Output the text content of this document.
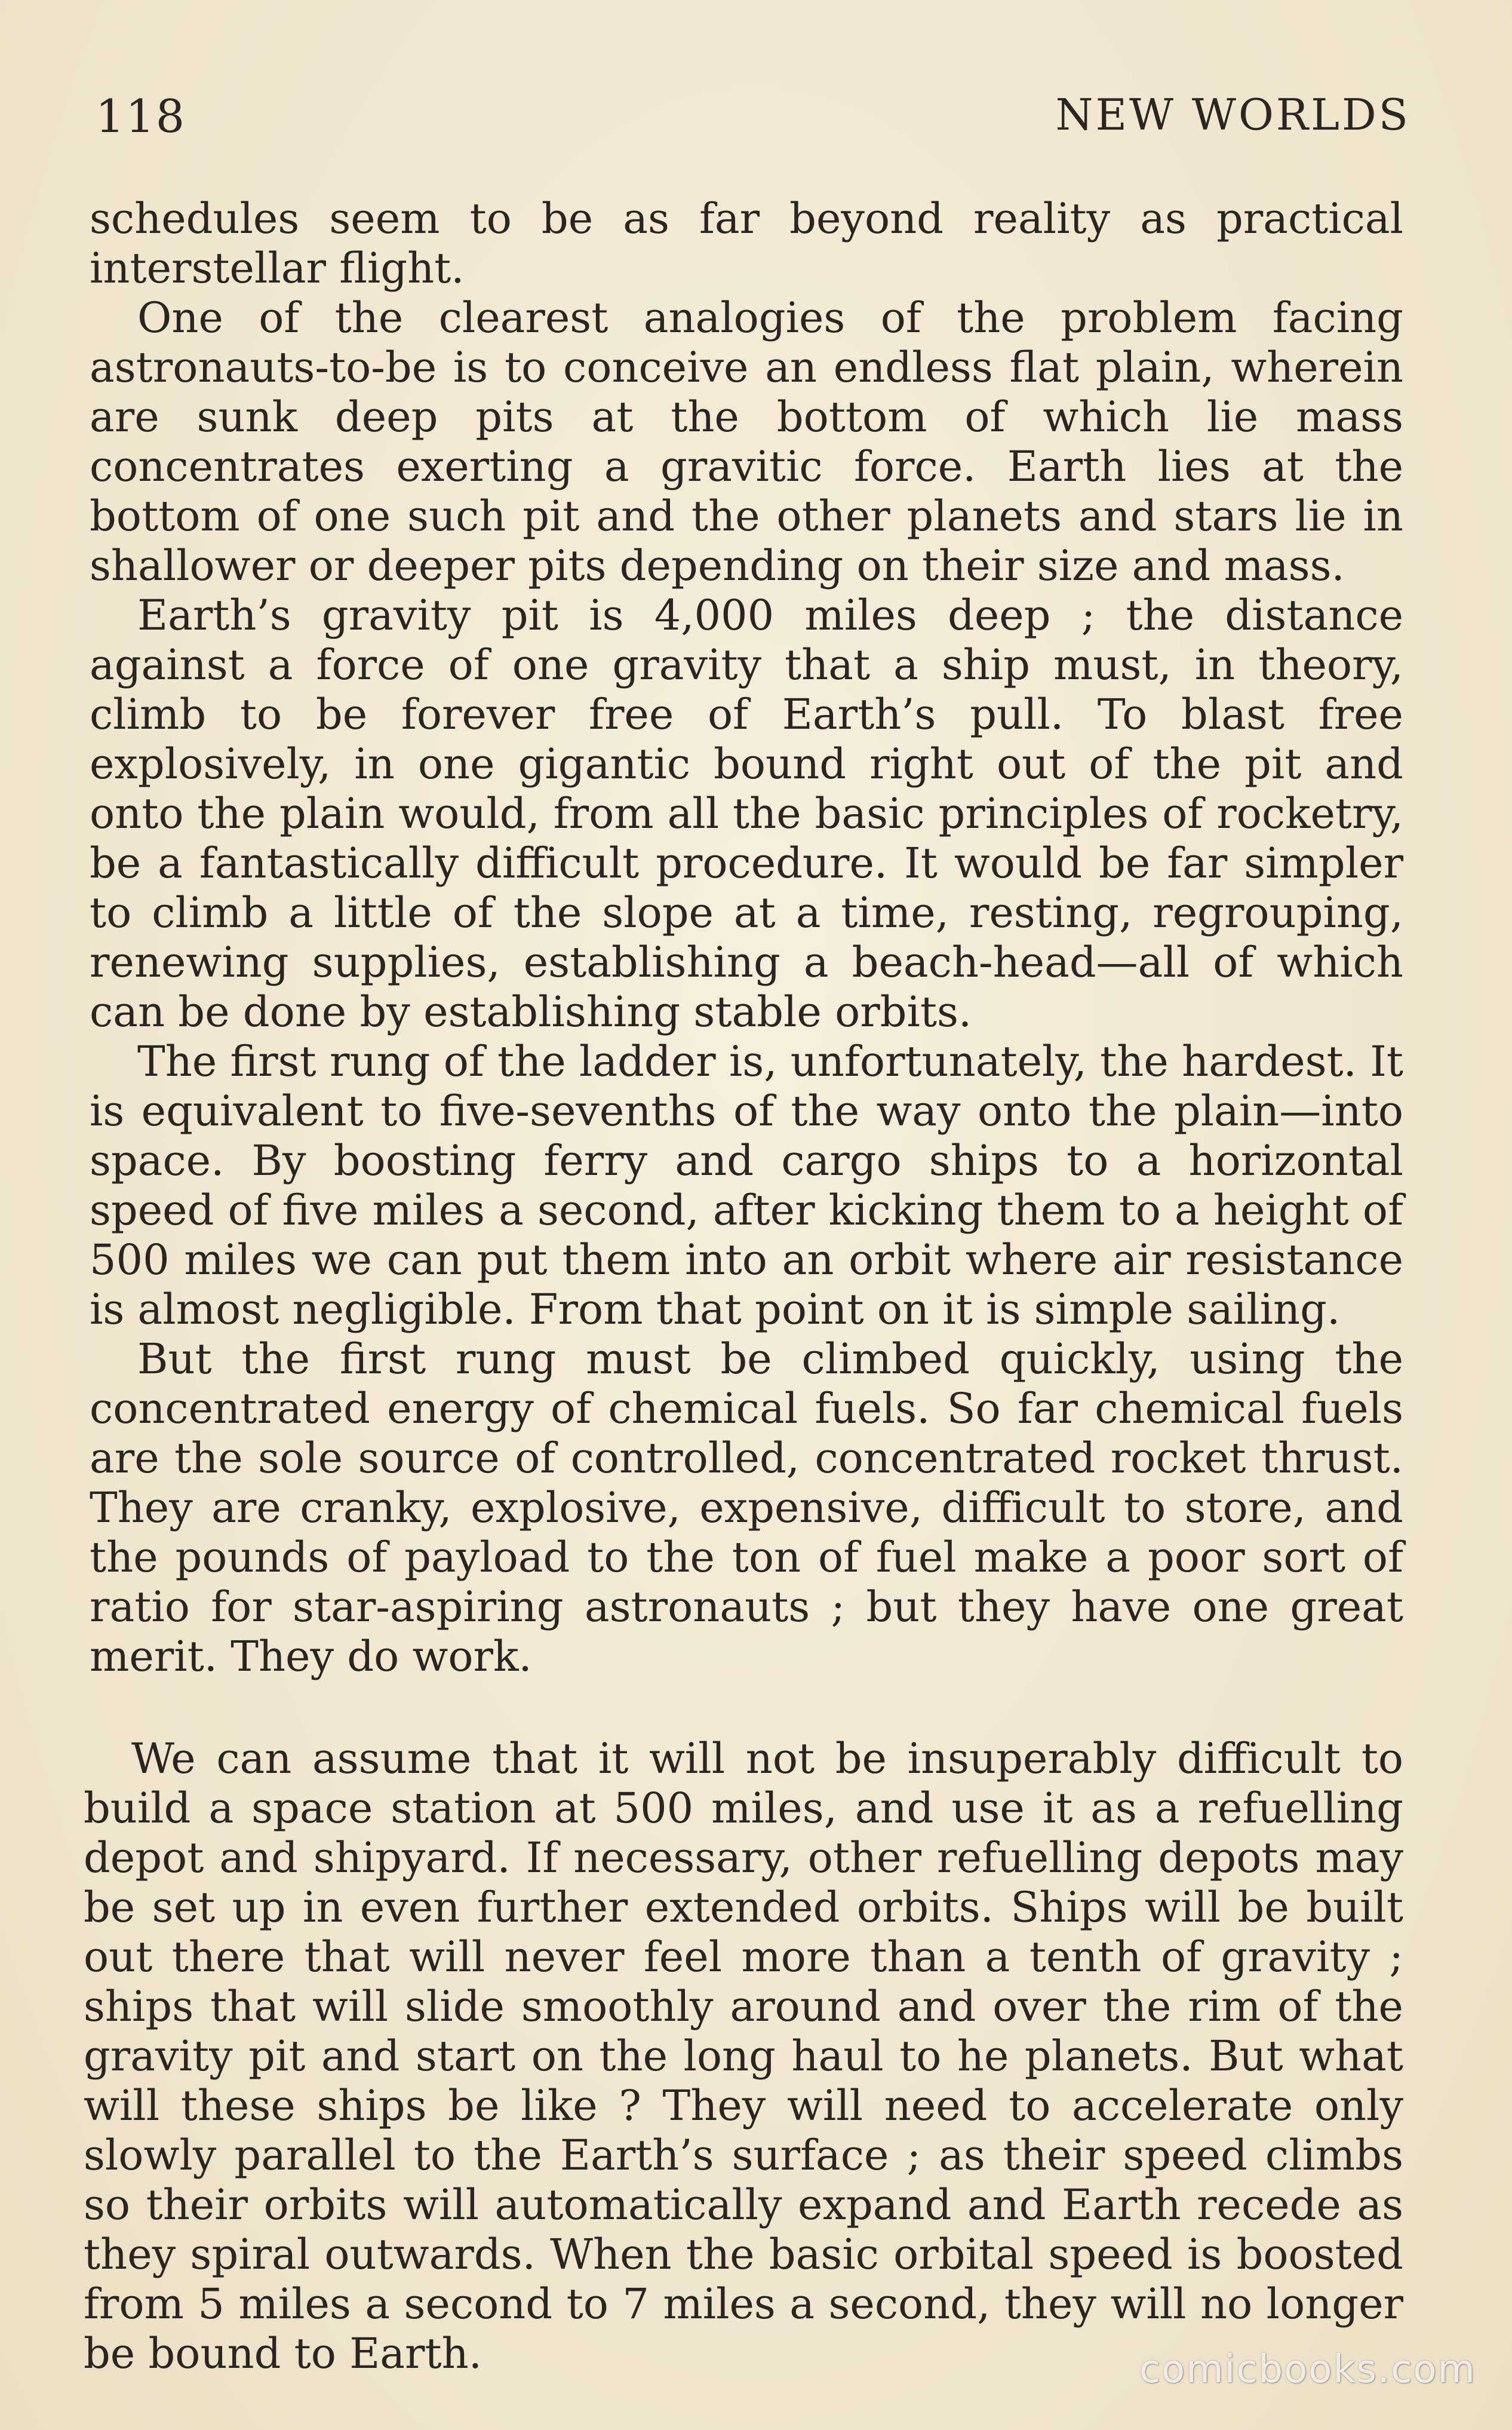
118	NEW WORLDS

schedules seem to be as far beyond reality as practical interstellar flight.

One of the clearest analogies of the problem facing astronauts-to-be is to conceive an endless flat plain, wherein are sunk deep pits at the bottom of which lie mass concentrates exerting a gravitic force. Earth lies at the bottom of one such pit and the other planets and stars lie in shallower or deeper pits depending on their size and mass.

Earth’s gravity pit is 4,000 miles deep ; the distance against a force of one gravity that a ship must, in theory, climb to be forever free of Earth’s pull. To blast free explosively, in one gigantic bound right out of the pit and onto the plain would, from all the basic principles of rocketry, be a fantastically difficult procedure. It would be far simpler to climb a little of the slope at a time, resting, regrouping, renewing supplies, establishing a beach-head—all of which can be done by establishing stable orbits.

The first rung of the ladder is, unfortunately, the hardest. It is equivalent to five-sevenths of the way onto the plain—into space. By boosting ferry and cargo ships to a horizontal speed of five miles a second, after kicking them to a height of 500 miles we can put them into an orbit where air resistance is almost negligible. From that point on it is simple sailing.

But the first rung must be climbed quickly, using the concentrated energy of chemical fuels. So far chemical fuels are the sole source of controlled, concentrated rocket thrust. They are cranky, explosive, expensive, difficult to store, and the pounds of payload to the ton of fuel make a poor sort of ratio for star-aspiring astronauts ; but they have one great merit. They do work.

We can assume that it will not be insuperably difficult to build a space station at 500 miles, and use it as a refuelling depot and shipyard. If necessary, other refuelling depots may be set up in even further extended orbits. Ships will be built out there that will never feel more than a tenth of gravity ; ships that will slide smoothly around and over the rim of the gravity pit and start on the long haul to he planets. But what will these ships be like ? They will need to accelerate only slowly parallel to the Earth’s surface ; as their speed climbs so their orbits will automatically expand and Earth recede as they spiral outwards. When the basic orbital speed is boosted from 5 miles a second to 7 miles a second, they will no longer be bound to Earth.	comicbooks.com
